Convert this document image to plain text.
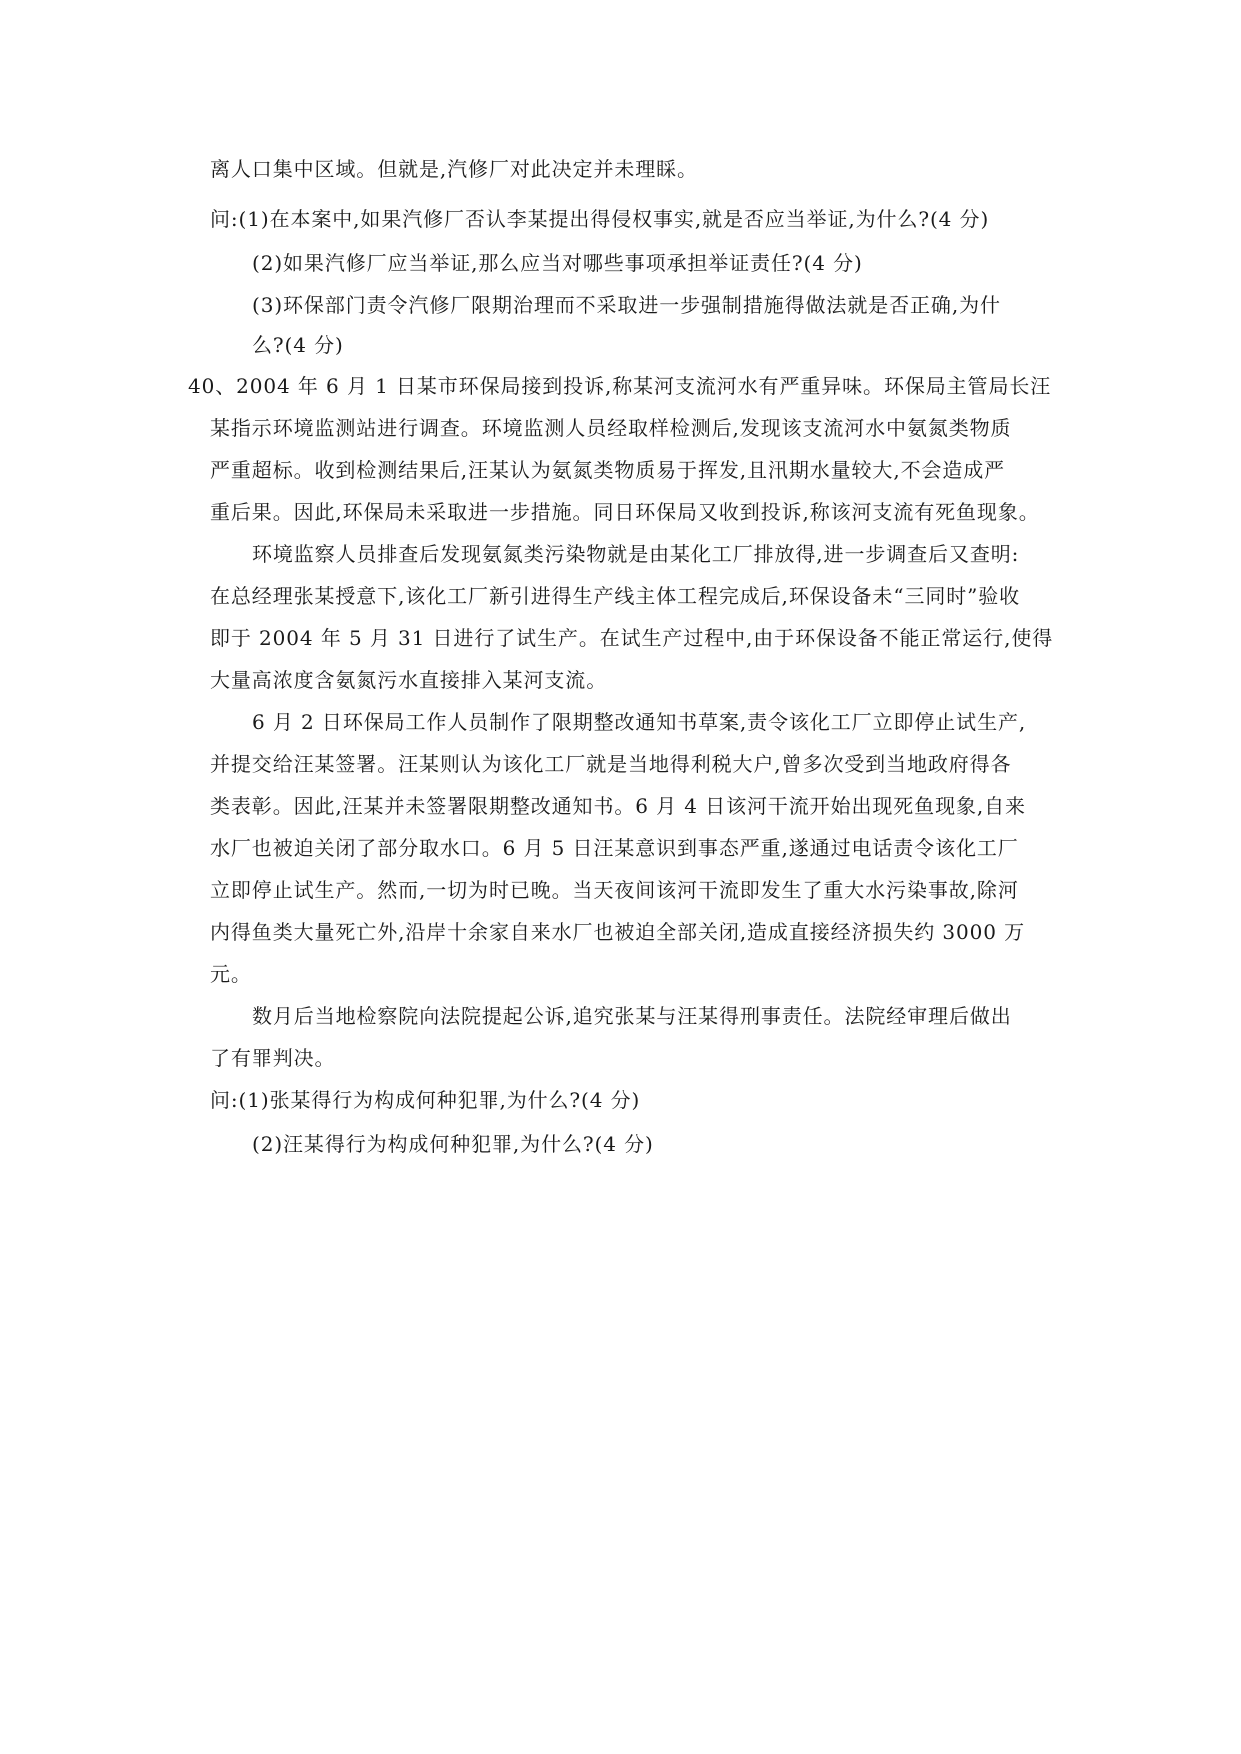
离人口集中区域。但就是,汽修厂对此决定并未理睬。
问:(1)在本案中,如果汽修厂否认李某提出得侵权事实,就是否应当举证,为什么?(4 分)
(2)如果汽修厂应当举证,那么应当对哪些事项承担举证责任?(4 分)
(3)环保部门责令汽修厂限期治理而不采取进一步强制措施得做法就是否正确,为什
么?(4 分)
40、2004 年 6 月 1 日某市环保局接到投诉,称某河支流河水有严重异味。环保局主管局长汪
某指示环境监测站进行调查。环境监测人员经取样检测后,发现该支流河水中氨氮类物质
严重超标。收到检测结果后,汪某认为氨氮类物质易于挥发,且汛期水量较大,不会造成严
重后果。因此,环保局未采取进一步措施。同日环保局又收到投诉,称该河支流有死鱼现象。
环境监察人员排查后发现氨氮类污染物就是由某化工厂排放得,进一步调查后又查明:
在总经理张某授意下,该化工厂新引进得生产线主体工程完成后,环保设备未“三同时”验收
即于 2004 年 5 月 31 日进行了试生产。在试生产过程中,由于环保设备不能正常运行,使得
大量高浓度含氨氮污水直接排入某河支流。
6 月 2 日环保局工作人员制作了限期整改通知书草案,责令该化工厂立即停止试生产,
并提交给汪某签署。汪某则认为该化工厂就是当地得利税大户,曾多次受到当地政府得各
类表彰。因此,汪某并未签署限期整改通知书。6 月 4 日该河干流开始出现死鱼现象,自来
水厂也被迫关闭了部分取水口。6 月 5 日汪某意识到事态严重,遂通过电话责令该化工厂
立即停止试生产。然而,一切为时已晚。当天夜间该河干流即发生了重大水污染事故,除河
内得鱼类大量死亡外,沿岸十余家自来水厂也被迫全部关闭,造成直接经济损失约 3000 万
元。
数月后当地检察院向法院提起公诉,追究张某与汪某得刑事责任。法院经审理后做出
了有罪判决。
问:(1)张某得行为构成何种犯罪,为什么?(4 分)
(2)汪某得行为构成何种犯罪,为什么?(4 分)
